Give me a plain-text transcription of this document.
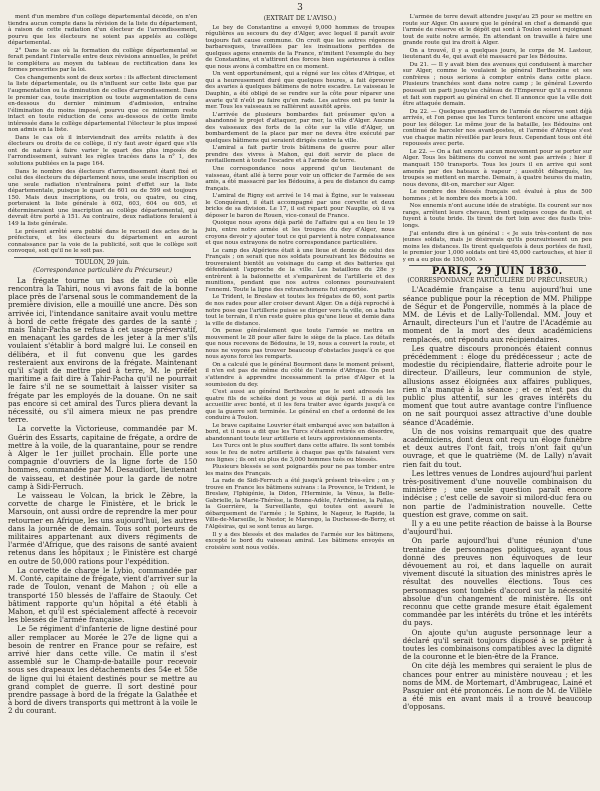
3

ment d'un membre d'un collège départemental décédé, on n'en tiendra aucun compte dans la révision de la liste du département, à raison de cette radiation d'un électeur de l'arrondissement, pourvu que les électeurs ne soient pas appelés au collège départemental.

2° Dans le cas où la formation du collège départemental se ferait pendant l'intervalle entre deux révisions annuelles, le préfet le complétera au moyen du tableau de rectification dans les formes prescrites par la loi.

Ces changements sont de deux sortes : ils affectent directement la liste départementale, ou ils n'influent sur cette liste que par l'augmentation ou la diminution de celles d'arrondissement. Dans le premier cas, toute inscription ou toute augmentation de cens en-dessous du dernier minimum d'admission, entraîne l'élimination du moins imposé, pourvu que ce minimum reste intact en toute réduction de cens au-dessous de cette limite intéressée dans le collège départemental l'électeur le plus imposé non admis en la liste.

Dans le cas où il interviendrait des arrêts relatifs à des électeurs ou droits de ce collège, il n'y faut avoir égard que s'ils ont de nature à faire varier le quart des plus imposés de l'arrondissement, suivant les règles tracées dans la n° 1, des solutions publiées en la page 164.

Dans le nombre des électeurs d'arrondissement étant fixé et celui des électeurs du département nous, une seule inscription ou une seule radiation n'entraînera point d'effet sur la liste départementale, puisque le quart de 601 ou de 599 est toujours 150. Mais deux inscriptions, ou trois, ou quatre, ou cinq, porteraient la liste générale à 602, 603, 604 ou 605, et détermineraient une inscription au collège départemental, qui devrait être porté à 151. Au contraire, deux radiations feraient à 149 la liste générale.

Le présent arrêté sera publié dans le recueil des actes de la préfecture, et les électeurs du département en auront connaissance par la voie de la publicité, soit que le collège soit convoqué, soit qu'il ne le soit pas.

TOULON, 29 juin.
(Correspondance particulière du Précurseur.)

La frégate tourne un bas de rade où elle rencontra la Tahiri, nous vi avons fait de la bonne place près de l'arsenal sous le commandement de la première division, elle a mouillé une ancre. Dès son arrivée ici, l'intendance sanitaire avait voulu mettre à bord de cette frégate des gardes de la santé ; mais Tahir-Pacha se refusa à cet usage préservatif, en menaçant les gardes de les jeter à la mer s'ils voulaient s'établir à bord malgré lui. Le conseil en délibéra, et il fut convenu que les gardes resteraient aux environs de la frégate. Maintenant qu'il s'agit de mettre pied à terre, M. le préfet maritime a fait dire à Tahir-Pacha qu'il ne pourrait le faire s'il ne se soumettait à laisser visiter sa frégate par les employés de la douane. On ne sait pas encore si cet amiral des Turcs pliera devant la nécessité, ou s'il aimera mieux ne pas prendre terre.

La corvette la Victorieuse, commandée par M. Guérin des Essarts, capitaine de frégate, a ordre de mettre à la voile, de la quarantaine, pour se rendre à Alger le 1er juillet prochain. Elle porte une compagnie d'ouvriers de la ligne forte de 150 hommes, commandée par M. Desaudiort, lieutenant de vaisseau, et destinée pour la garde de notre camp à Sidi-Ferruch.

Le vaisseau le Volcan, la brick le Zèbre, la corvette de charge le Finistère, et le brick le Marsouin, ont aussi ordre de reprendre la mer pour retourner en Afrique, les uns aujourd'hui, les autres dans la journée de demain. Tous sont porteurs de militaires appartenant aux divers régiments de l'armée d'Afrique, que des raisons de santé avaient retenus dans les hôpitaux ; le Finistère est chargé en outre de 50,000 rations pour l'expédition.

La corvette de charge le Lybio, commandée par M. Conté, capitaine de frégate, vient d'arriver sur la rade de Toulon, venant de Mahon ; où elle a transporté 150 blessés de l'affaire de Staouly. Cet bâtiment rapporte qu'un hôpital a été établi à Mahon, et qu'il est spécialement affecté à recevoir les blessés de l'armée française.

Le 5e régiment d'infanterie de ligne destiné pour aller remplacer au Morée le 27e de ligne qui a besoin de rentrer en France pour se refaire, est arrivé hier dans cette ville. Ce matin il s'est assemblé sur le Champ-de-bataille pour recevoir sous ses drapeaux les détachements des 54e et 58e de ligne qui lui étaient destinés pour se mettre au grand complet de guerre. Il sort destiné pour prendre passage à bord de la frégate la Galathée et à bord de divers transports qui mettront à la voile le 2 du courant.

(EXTRAIT DE L'AVISO.)

Le bey de Constantine a envoyé 9,000 hommes de troupes régulières au secours du dey d'Alger, avec lequel il paraît avoir toujours fait cause commune. On croit que les autres régences barbaresques, travaillées par les insinuations perfides de quelques agens ennemis de la France, n'imitent l'exemple du bey de Constantine, et n'attirent des forces bien supérieures à celles que nous avons à combattre en ce moment.

Un vent opportunément, qui a régné sur les côtes d'Afrique, et qui a heureusement duré que quelques heures, a fait éprouver des avaries à quelques bâtimens de notre escadre. Le vaisseau le Dauphin, a été obligé de se rendre sur la côte pour réparer une avarie qu'il n'eût pu faire qu'en rade. Les autres ont pu tenir la mer. Tous les vaisseaux se rallièrent aussitôt après.

L'arrivée de plusieurs bombardes fait présumer qu'on a abandonné le projet d'attaquer, par mer, la ville d'Alger. Aucune des vaisseaux des forts de la côte sur la ville d'Alger, un bombardement de la place par mer ne devra être exécuté par quelques bâtimens qui seraient dirigés contre la ville.

L'amiral a fait partir trois bâtimens de guerre pour aller prendre des vivres à Mahon, qui doit servir de place de ravitaillement à toute l'escadre et à l'armée de terre.

Une correspondance nous apprend qu'un lieutenant de vaisseau, étant allé à terre pour voir un officier de l'armée de ses amis, a été massacré par les Bédouins, à peu de distance du camp français.

L'amiral de Rigny est arrivé le 14 mai à Égine, sur le vaisseau le Conquérant, il était accompagné par une corvette et deux bricks de sa division. Le 17, il est reparti pour Nauplie, où il va déposer le baron de Rouen, vice-consul de France.

Quoique nous ayons déjà parlé de l'affaire qui a eu lieu le 19 juin, entre notre armée et les troupes du dey d'Alger, nous croyons devoir y ajouter tout ce qui parvient à notre connaissance et que nous extrayons de notre correspondance particulière.

Le camp des Algériens était à une lieue et demie de celui des Français ; on serait que nos soldats poursuivant les Bédouins se trouveraient bientôt au voisinage du camp et des batteries qui défendaient l'approche de la ville. Les bataillons du 28e y entrèrent à la baïonnette et s'emparèrent de l'artillerie et des munitions, pendant que nos autres colonnes poursuivaient l'ennemi. Toute la ligne des retranchemens fut emportée.

Le Trident, le Breslaw et toutes les frégates de 60, sont partis de nos rades pour aller croiser devant Alger. On a déjà reproché à notre pose que l'artillerie puisse se diriger vers la ville, on a battu tout le terrain, il n'en reste guère plus qu'une lieue et demie dans la ville de distance.

On pense généralement que toute l'armée se mettra en mouvement le 28 pour aller faire le siège de la place. Les détails que nous recevons de Bédouins, le 19, nous a couvert la route, et nous ne voyons pas trouver beaucoup d'obstacles jusqu'à ce que nous ayons forcé les remparts.

On a calculé que le général Bourmont dans le moment présent, il n'en est pas de même du côté de l'armée d'Afrique. On peut s'attendre à apprendre incessamment la prise d'Alger et la soumission du dey.

C'est aussi au général Berthezène que le sont adressés les quatre fils de schéiks dont je vous ai déjà parlé. Il a dû les accueillir avec bonté, et il les fera traiter avec égards jusqu'à ce que la guerre soit terminée. Le général en chef a ordonné de les conduire à Toulon.

Le brave capitaine Louvrier était embarqué avec son bataillon à bord, et il nous a dit que les Turcs s'étaient retirés en désordre, abandonnant toute leur artillerie et leurs approvisionnements.

Les Turcs ont le plus souffert dans cette affaire. Ils sont tombés sous le feu de notre artillerie à chaque pas qu'ils faisaient vers nos lignes ; ils ont eu plus de 3,000 hommes tués ou blessés.

Plusieurs blessés se sont poignardés pour ne pas tomber entre les mains des Français.

La rade de Sidi-Ferruch a été jusqu'à présent très-sûre ; on y trouve en France les bâtimens suivans : la Provence, le Trident, le Breslaw, l'Iphigénie, la Didon, l'Herminie, la Vénus, la Belle-Gabrielle, la Marie-Thérèse, la Bonne-Adèle, l'Arthémise, la Pallas, la Guerrière, la Surveillante, qui toutes ont assuré le débarquement de l'armée ; le Sphinx, le Nageur, le Rapide, la Ville-de-Marseille, le Nestor, le Marengo, la Duchesse-de-Berry, et l'Algésiras, qui se sont tenus au large.

Il y a des blessés et des malades de l'armée sur les bâtimens, excepté le bord du vaisseau amiral. Les bâtimens envoyés en croisière sont nous voilés.

L'armée de terre devait attendre jusqu'au 25 pour se mettre en route sur Alger. On assure que le général en chef a demandé que l'armée de réserve et le dépôt qui sont à Toulon soient rejoignant tout de suite notre armée. En attendant on travaille à faire une grande route qui ira droit à Alger.

On a trouvé, il y a quelques jours, le corps de M. Lastour, lieutenant du 4e, qui avait été massacré par les Bédouins.

Du 21. — Il y avait bien des avenues qui conduisent à marcher sur Alger, comme le voulaient le général Berthezène et ses confrères ; nous serions à compter entrés dans cette place. Plusieurs tranchées sont dans notre camp ; le général Loverdo poussait un parti jusqu'au château de l'Empereur qu'il a reconnu et fait son rapport au général en chef. Il annonce que la ville doit être attaquée demain.

Du 22. — Quelques grenadiers de l'armée de réserve sont déjà arrivés, et l'on pense que les Turcs tenteront encore une attaque pour les déloger. Le même jour de la bataille, les Bédouins ont continué de harceler nos avant-postes, et l'armée d'Afrique s'est vue chaque matin réveillée par leurs feux. Cependant tous ont été repoussés avec perte.

Le 22. — On a fait encore aucun mouvement pour se porter sur Alger. Tous les bâtimens du convoi ne sont pas arrivés ; hier il manquait 150 transports. Tous les jours il en arrive qui sont amenés par des bateaux à vapeur ; aussitôt débarqués, les troupes se mettent en marche. Demain, à quatre heures du matin, nous devons, dit-on, marcher sur Alger.

Le nombre des blessés français est évalué à plus de 500 hommes ; et le nombre des morts à 100.

Nos ennemis n'ont aucune idée de stratégie. Ils courent sur nos rangs, arrêtent leurs chevaux, tirent quelques coups de fusil, et fuyent à toute bride. Ils tirent de fort loin avec des fusils très-longs.

J'ai entendu dire à un général : « Je suis très-content de nos jeunes soldats, mais je désirerais qu'ils poursuivissent un peu moins les distances. Ils tirent quelquefois à deux portées de fusil, le premier jour 1,000 soldats ont tiré 45,000 cartouches, et hier il y en a eu plus de 150,000. »

PARIS, 29 JUIN 1830.
(CORRESPONDANCE PARTICULIÈRE DU PRÉCURSEUR.)

L'Académie française a tenu aujourd'hui une séance publique pour la réception de MM. Philippe de Ségur et de Pongerville, nommés à la place de MM. de Lévis et de Lally-Tollendal. MM. Jouy et Arnault, directeurs l'un et l'autre de l'Académie au moment de la mort des deux académiciens remplacés, ont répondu aux récipiendaires.

Les quatre discours prononcés étaient connus précédemment : éloge du prédécesseur ; acte de modestie du récipiendaire, flatterie adroite pour le directeur. D'ailleurs, leur communion de style, allusions assez éloignées aux affaires publiques, rien n'a manqué à la séance ; et ce n'est pas du public plus attentif, sur les graves intérêts du moment que tout autre avantage contre l'influence on ne sait pourquoi assez attractive d'une double séance d'Académie.

Un de nos voisins remarquait que des quatre académiciens, dont deux ont reçu un éloge funèbre et deux autres l'ont fait, trois n'ont fait qu'un ouvrage, et que le quatrième (M. de Lally) n'avait rien fait du tout.

Les lettres venues de Londres aujourd'hui parlent très-positivement d'une nouvelle combinaison du ministère ; une seule question paraît encore indécise ; c'est celle de savoir si milord-duc fera ou non partie de l'administration nouvelle. Cette question est grave, comme on sait.

Il y a eu une petite réaction de baisse à la Bourse d'aujourd'hui.

On parle aujourd'hui d'une réunion d'une trentaine de personnages politiques, ayant tous donné des preuves non équivoques de leur dévouement au roi, et dans laquelle on aurait vivement discuté la situation des ministres après le résultat des nouvelles élections. Tous ces personnages sont tombés d'accord sur la nécessité absolue d'un changement de ministère. Ils ont reconnu que cette grande mesure était également commandée par les intérêts du trône et les intérêts du pays.

On ajoute qu'un auguste personnage leur a déclaré qu'il serait toujours disposé à se prêter à toutes les combinaisons compatibles avec la dignité de la couronne et le bien-être de la France.

On cite déjà les membres qui seraient le plus de chances pour entrer au ministère nouveau ; et les noms de MM. de Mortemart, d'Ambrugeac, Lainé et Pasquier ont été prononcés. Le nom de M. de Villèle a été mis en avant mais il a trouvé beaucoup d'opposans.
